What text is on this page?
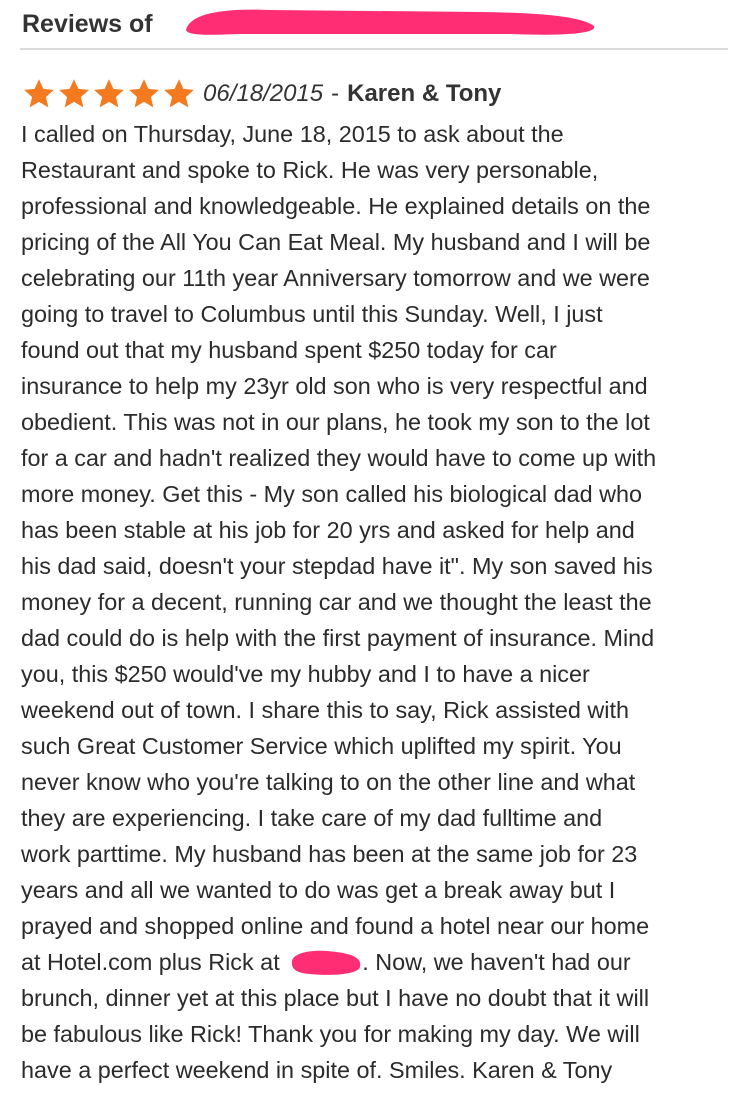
Reviews of
06/18/2015 - Karen & Tony
I called on Thursday, June 18, 2015 to ask about the
Restaurant and spoke to Rick. He was very personable,
professional and knowledgeable. He explained details on the
pricing of the All You Can Eat Meal. My husband and I will be
celebrating our 11th year Anniversary tomorrow and we were
going to travel to Columbus until this Sunday. Well, I just
found out that my husband spent $250 today for car
insurance to help my 23yr old son who is very respectful and
obedient. This was not in our plans, he took my son to the lot
for a car and hadn't realized they would have to come up with
more money. Get this - My son called his biological dad who
has been stable at his job for 20 yrs and asked for help and
his dad said, doesn't your stepdad have it". My son saved his
money for a decent, running car and we thought the least the
dad could do is help with the first payment of insurance. Mind
you, this $250 would've my hubby and I to have a nicer
weekend out of town. I share this to say, Rick assisted with
such Great Customer Service which uplifted my spirit. You
never know who you're talking to on the other line and what
they are experiencing. I take care of my dad fulltime and
work parttime. My husband has been at the same job for 23
years and all we wanted to do was get a break away but I
prayed and shopped online and found a hotel near our home
at Hotel.com plus Rick at	. Now, we haven't had our
brunch, dinner yet at this place but I have no doubt that it will
be fabulous like Rick! Thank you for making my day. We will
have a perfect weekend in spite of. Smiles. Karen & Tony
